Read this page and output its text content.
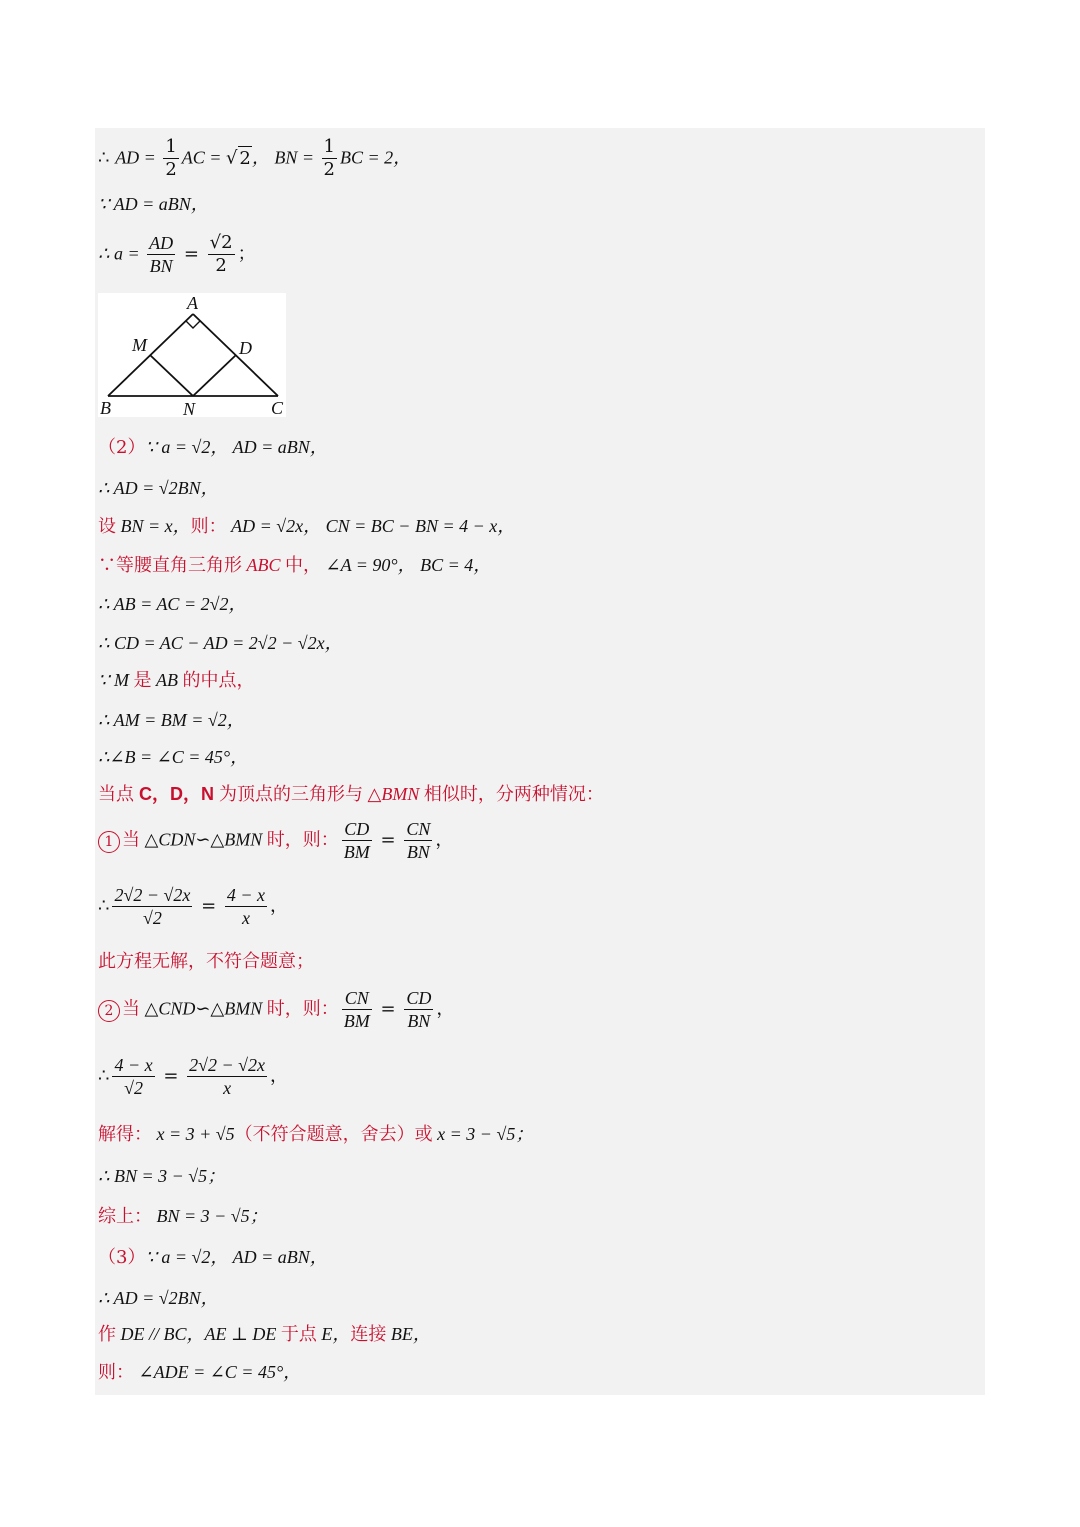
∴ AD = $\frac{1}{2}$ AC = √ 2， BN = $\frac{1}{2}$ BC = 2，
∵ AD = aBN，
∴ $a = \frac{AD}{BN} = \frac{√2}{2}$ ；
A
B	C
D
M
N
（2）∵ a = √2， AD = aBN，
∴ AD = √2BN，
设 BN = x，则： AD = √2x， CN = BC − BN = 4 − x，
∵等腰直角三角形 ABC 中， ∠A = 90°， BC = 4，
∴ AB = AC = 2√2，
∴ CD = AC − AD = 2√2 − √2x，
∵ M 是 AB 的中点，
∴ AM = BM = √2，
∴∠B = ∠C = 45°，
当点 C，D，N 为顶点的三角形与 △BMN 相似时，分两种情况：
1 当 △CDN∽△BMN 时，则： $\frac{CD}{BM} = \frac{CN}{BN}$ ，
∴ $\frac{2√2 - √2x}{√2} = \frac{4 - x}{x}$ ，
此方程无解，不符合题意；
2 当 △CND∽△BMN 时，则： $\frac{CN}{BM} = \frac{CD}{BN}$ ，
∴ $\frac{4 - x}{√2} = \frac{2√2 - √2x}{x}$ ，
解得： x = 3 + √5（不符合题意，舍去）或 x = 3 − √5；
∴ BN = 3 − √5；
综上： BN = 3 − √5；
（3）∵ a = √2， AD = aBN，
∴ AD = √2BN，
作 DE // BC，AE ⊥ DE 于点 E，连接 BE，
则： ∠ADE = ∠C = 45°，
